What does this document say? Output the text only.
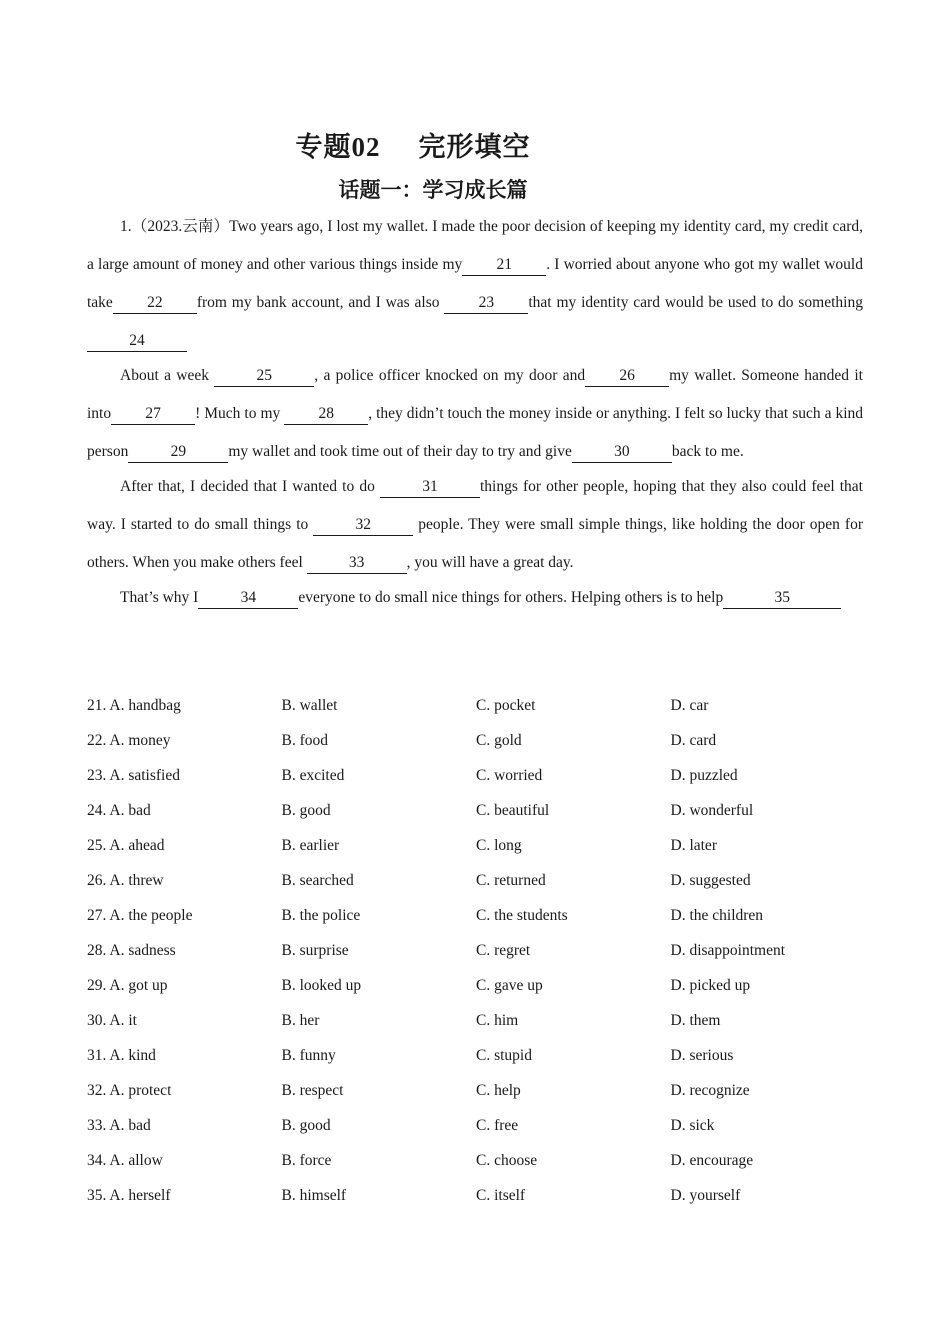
专题02 完形填空
话题一：学习成长篇

1.（2023.云南）Two years ago, I lost my wallet. I made the poor decision of keeping my identity card, my credit card, a large amount of money and other various things inside my 21 . I worried about anyone who got my wallet would take 22 from my bank account, and I was also 23 that my identity card would be used to do something24

About a week	25	, a police officer knocked on my door and 26 my wallet. Someone handed it into 27 ! Much to my 28 , they didn’t touch the money inside or anything. I felt so lucky that such a kind person	29	my wallet and took time out of their day to try and give	30	back to me.

After that, I decided that I wanted to do	31	things for other people, hoping that they also could feel that way. I started to do small things to	32	people. They were small simple things, like holding the door open for others. When you make others feel	33	, you will have a great day.

That’s why I	34	everyone to do small nice things for others. Helping others is to help	35

21. A. handbag	B. wallet	C. pocket	D. car
22. A. money	B. food	C. gold	D. card
23. A. satisfied	B. excited	C. worried	D. puzzled
24. A. bad	B. good	C. beautiful	D. wonderful
25. A. ahead	B. earlier	C. long	D. later
26. A. threw	B. searched	C. returned	D. suggested
27. A. the people	B. the police	C. the students	D. the children
28. A. sadness	B. surprise	C. regret	D. disappointment
29. A. got up	B. looked up	C. gave up	D. picked up
30. A. it	B. her	C. him	D. them
31. A. kind	B. funny	C. stupid	D. serious
32. A. protect	B. respect	C. help	D. recognize
33. A. bad	B. good	C. free	D. sick
34. A. allow	B. force	C. choose	D. encourage
35. A. herself	B. himself	C. itself	D. yourself
